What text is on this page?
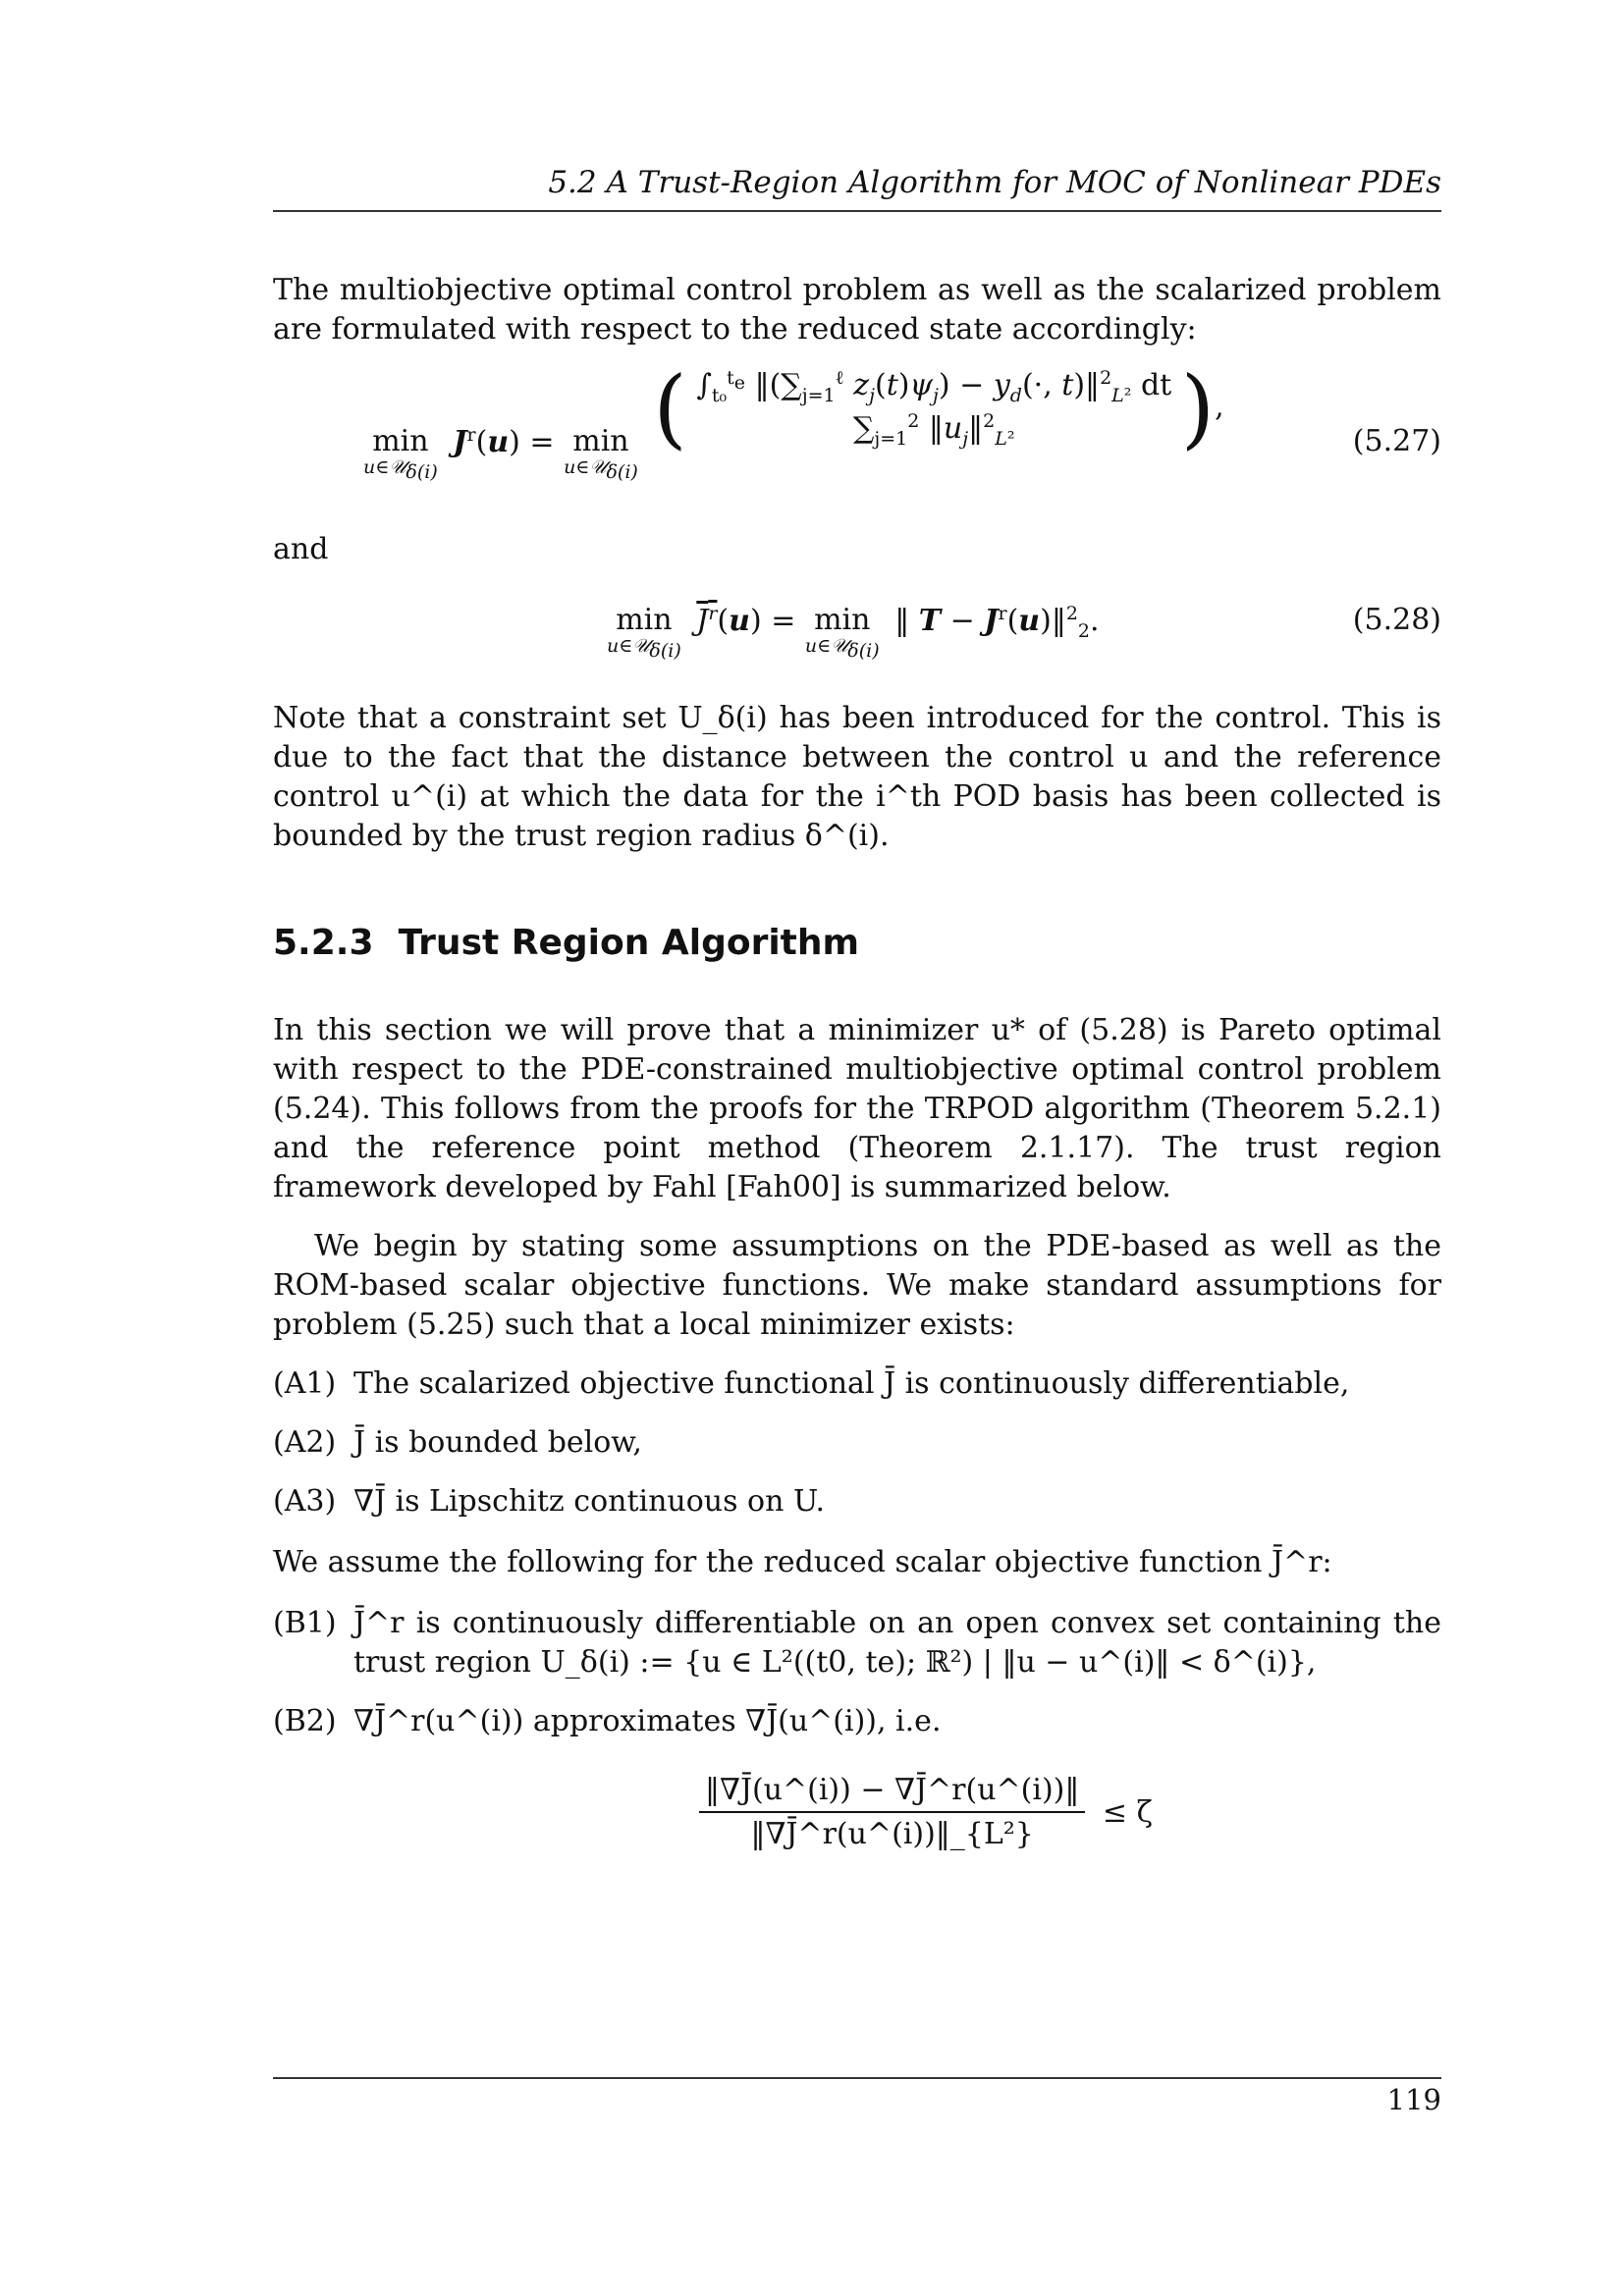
5.2 A Trust-Region Algorithm for MOC of Nonlinear PDEs

The multiobjective optimal control problem as well as the scalarized problem are formulated with respect to the reduced state accordingly:

min
u∈𝒰$_{\delta(i)}$
$J^r(u) = \min$
u∈𝒰$_{\delta(i)}$
( $\int_{t_0}^{t_e}$ $‖(\sum_{j=1}^\ell$ $z_j(t)\psi_j) - y_d(\cdot$, t)‖$^2_{L^2}$ dt
$\sum_{j=1}^2$ $‖u_j‖^2_{L^2}$	),
(5.27)
and
min
u∈𝒰$_{\delta(i)}$
$J^r(u) = \min$
u∈𝒰$_{\delta(i)}$
‖ $T - J^r(u)‖^2_2$.	(5.28)

Note that a constraint set U_δ(i) has been introduced for the control. This is due to the fact that the distance between the control u and the reference control u^(i) at which the data for the i^th POD basis has been collected is bounded by the trust region radius δ^(i).

5.2.3 Trust Region Algorithm

In this section we will prove that a minimizer u* of (5.28) is Pareto optimal with respect to the PDE-constrained multiobjective optimal control problem (5.24). This follows from the proofs for the TRPOD algorithm (Theorem 5.2.1) and the reference point method (Theorem 2.1.17). The trust region framework developed by Fahl [Fah00] is summarized below.

We begin by stating some assumptions on the PDE-based as well as the ROM-based scalar objective functions. We make standard assumptions for problem (5.25) such that a local minimizer exists:

(A1) The scalarized objective functional J̄ is continuously differentiable,
(A2) J̄ is bounded below,
(A3) ∇J̄ is Lipschitz continuous on U.

We assume the following for the reduced scalar objective function J̄^r:

(B1) J̄^r is continuously differentiable on an open convex set containing the trust region U_δ(i) := {u ∈ L²((t0, te); ℝ²) | ‖u − u^(i)‖ < δ^(i)},
(B2) ∇J̄^r(u^(i)) approximates ∇J̄(u^(i)), i.e.
$\frac{‖\nabla J̄(u\^{}(i)) - \nabla J̄\^{}r(u\^{}(i))‖}{\text{‖∇J̄\textasciicircum{}r(u\textasciicircum{}(i))‖\_\{L²\}}} \le \zeta$
119
